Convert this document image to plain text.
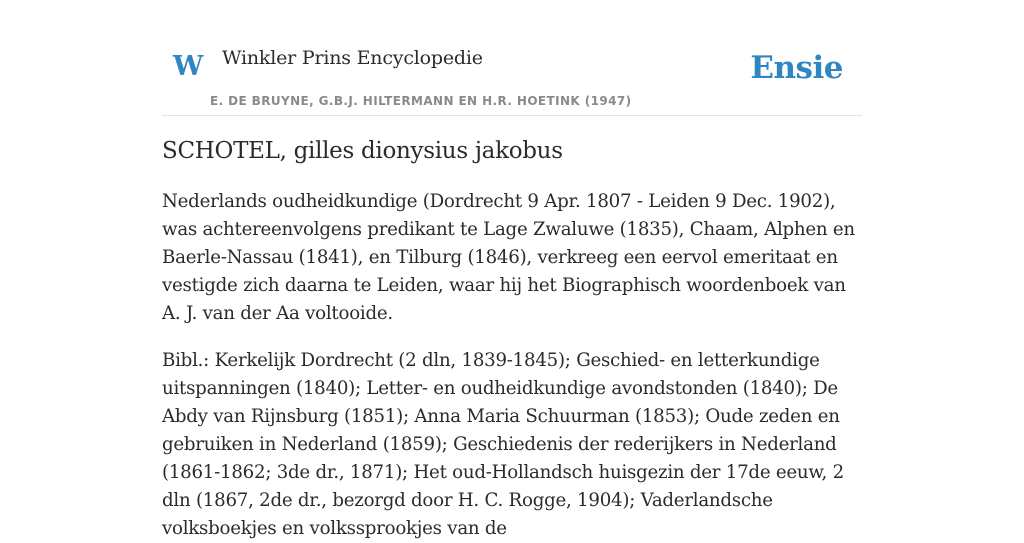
W Winkler Prins Encyclopedie
E. DE BRUYNE, G.B.J. HILTERMANN EN H.R. HOETINK (1947)
Ensie
SCHOTEL, gilles dionysius jakobus

Nederlands oudheidkundige (Dordrecht 9 Apr. 1807 - Leiden 9 Dec. 1902), was achtereenvolgens predikant te Lage Zwaluwe (1835), Chaam, Alphen en Baerle-Nassau (1841), en Tilburg (1846), verkreeg een eervol emeritaat en vestigde zich daarna te Leiden, waar hij het Biographisch woordenboek van A. J. van der Aa voltooide.

Bibl.: Kerkelijk Dordrecht (2 dln, 1839-1845); Geschied- en letterkundige uitspanningen (1840); Letter- en oudheidkundige avondstonden (1840); De Abdy van Rijnsburg (1851); Anna Maria Schuurman (1853); Oude zeden en gebruiken in Nederland (1859); Geschiedenis der rederijkers in Nederland (1861-1862; 3de dr., 1871); Het oud-Hollandsch huisgezin der 17de eeuw, 2 dln (1867, 2de dr., bezorgd door H. C. Rogge, 1904); Vaderlandsche volksboekjes en volkssprookjes van de
